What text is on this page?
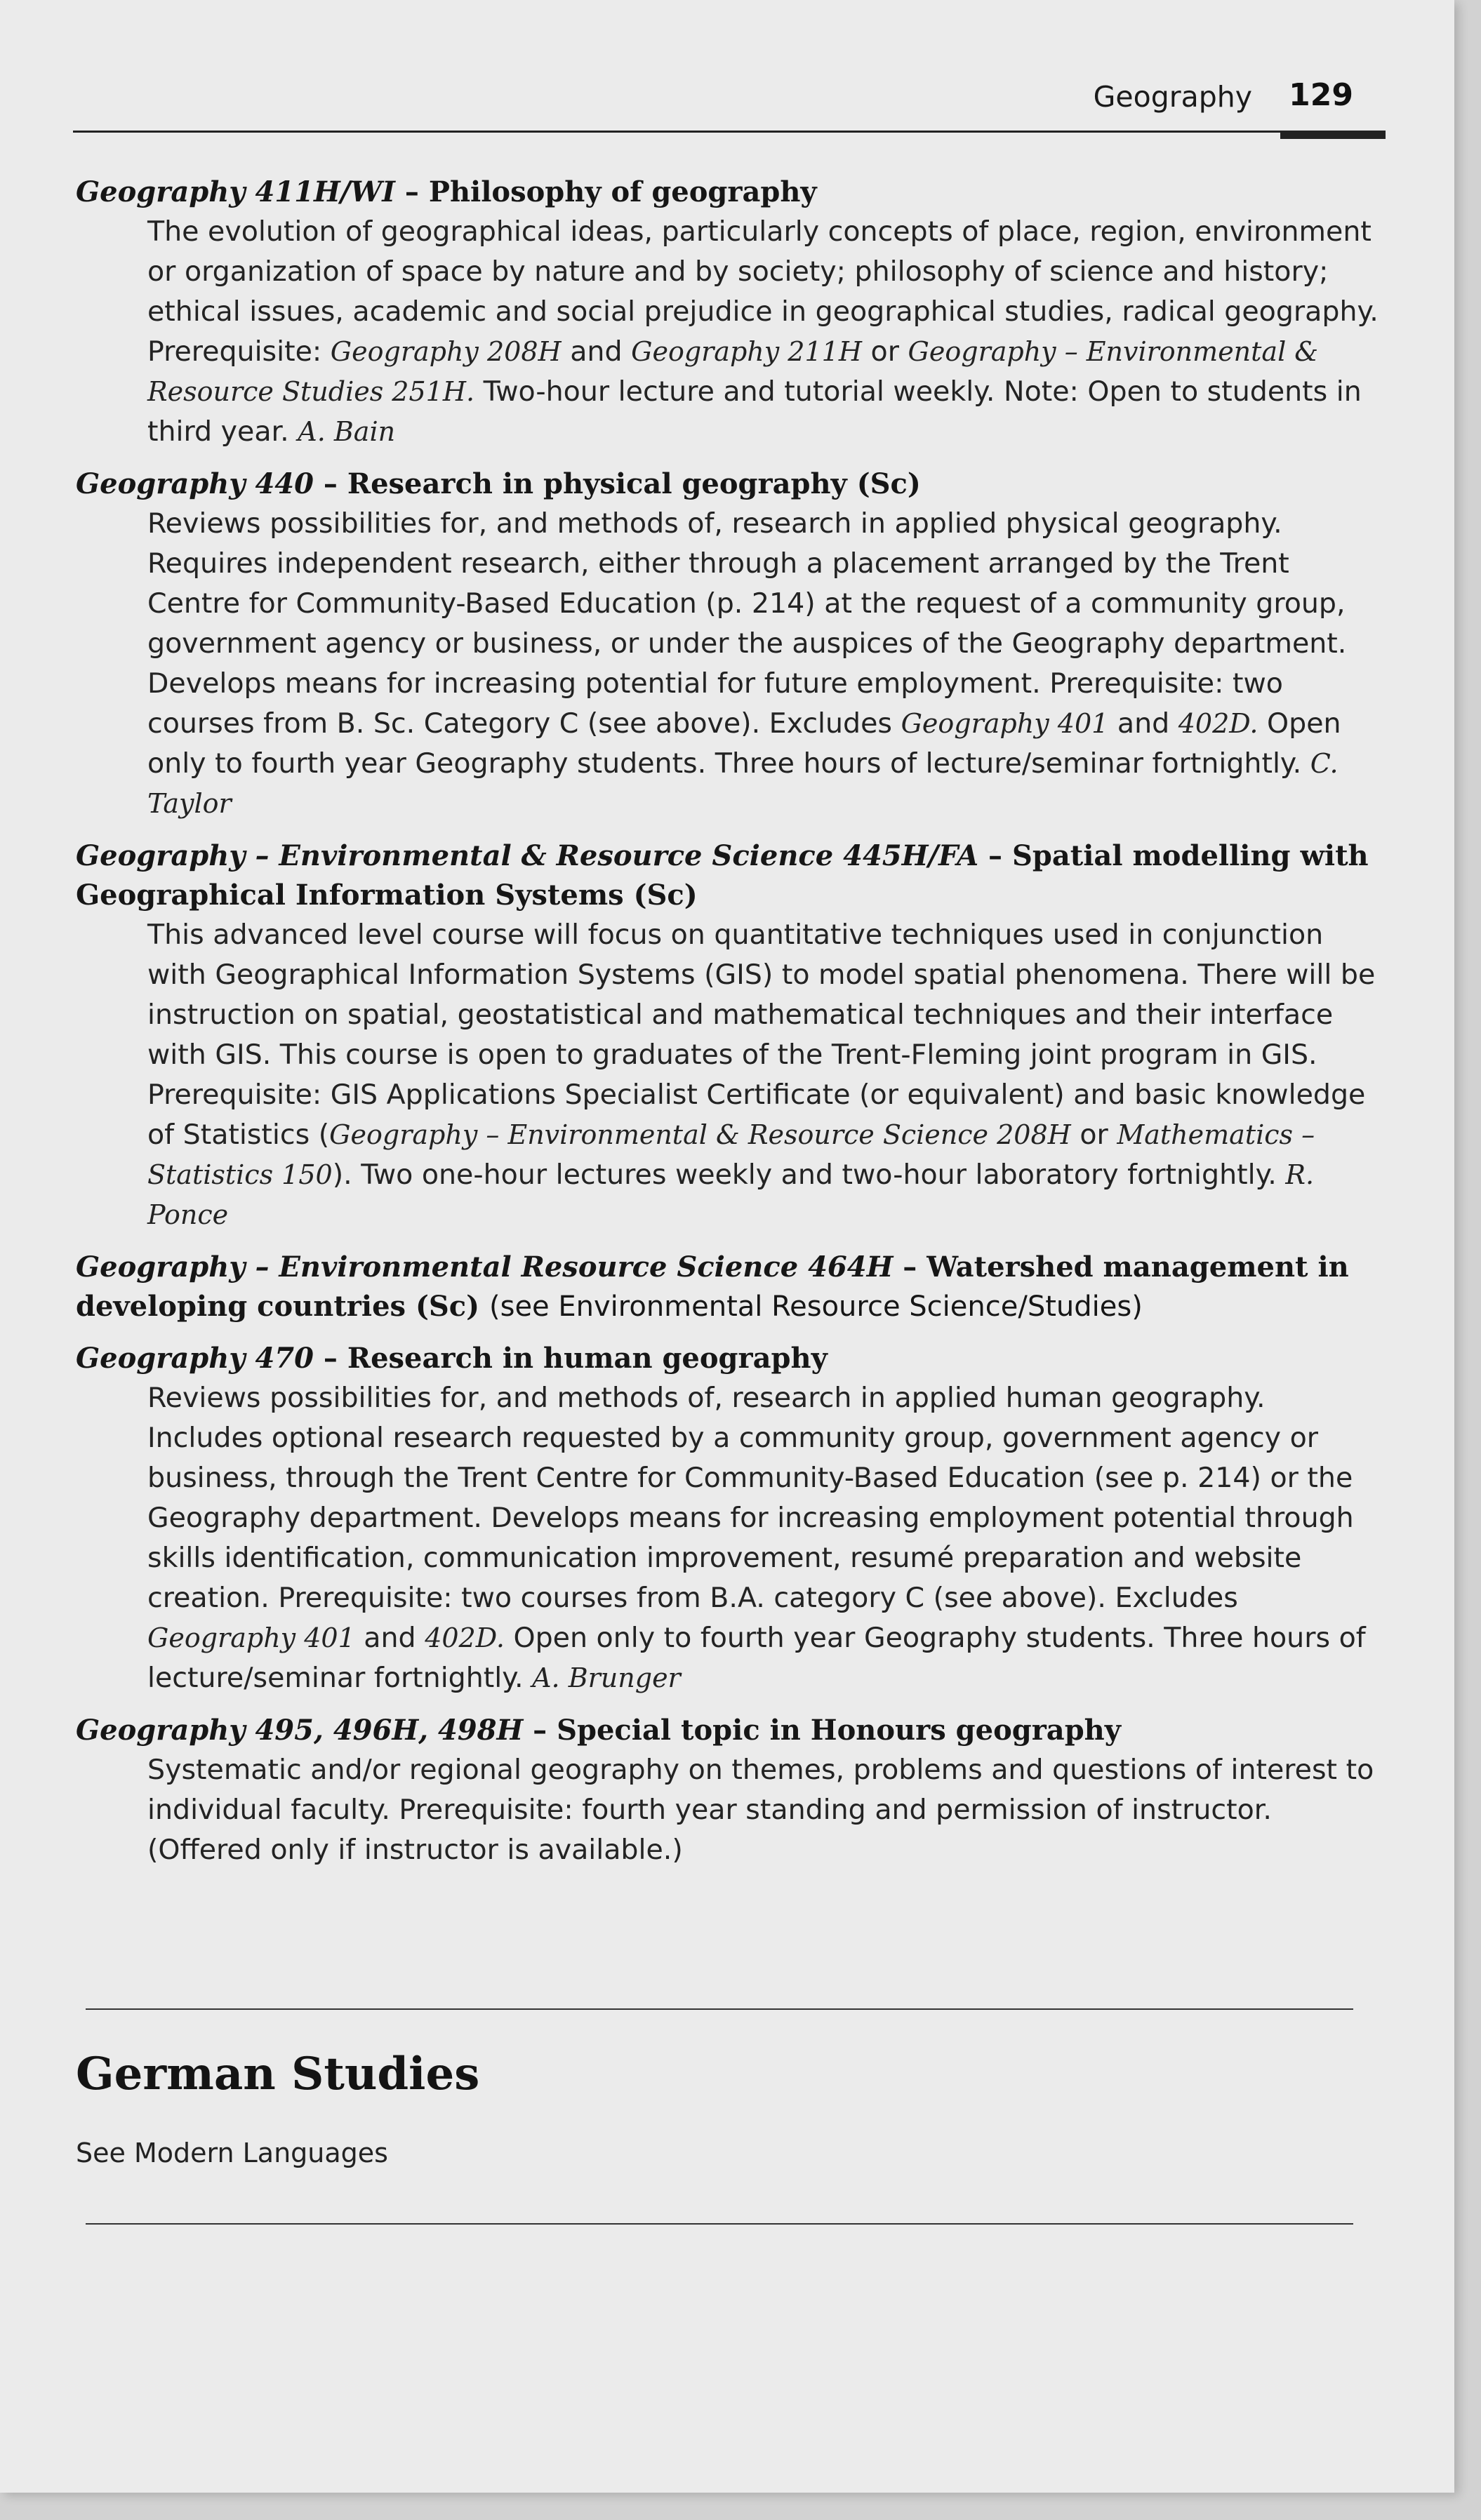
Geography 129
Geography 411H/WI – Philosophy of geography
The evolution of geographical ideas, particularly concepts of place, region, environment or organization of space by nature and by society; philosophy of science and history; ethical issues, academic and social prejudice in geographical studies, radical geography. Prerequisite: Geography 208H and Geography 211H or Geography – Environmental & Resource Studies 251H. Two-hour lecture and tutorial weekly. Note: Open to students in third year. A. Bain
Geography 440 – Research in physical geography (Sc)
Reviews possibilities for, and methods of, research in applied physical geography. Requires independent research, either through a placement arranged by the Trent Centre for Community-Based Education (p. 214) at the request of a community group, government agency or business, or under the auspices of the Geography department. Develops means for increasing potential for future employment. Prerequisite: two courses from B. Sc. Category C (see above). Excludes Geography 401 and 402D. Open only to fourth year Geography students. Three hours of lecture/seminar fortnightly. C. Taylor
Geography – Environmental & Resource Science 445H/FA – Spatial modelling with Geographical Information Systems (Sc)
This advanced level course will focus on quantitative techniques used in conjunction with Geographical Information Systems (GIS) to model spatial phenomena. There will be instruction on spatial, geostatistical and mathematical techniques and their interface with GIS. This course is open to graduates of the Trent-Fleming joint program in GIS. Prerequisite: GIS Applications Specialist Certificate (or equivalent) and basic knowledge of Statistics (Geography – Environmental & Resource Science 208H or Mathematics – Statistics 150). Two one-hour lectures weekly and two-hour laboratory fortnightly. R. Ponce
Geography – Environmental Resource Science 464H – Watershed management in developing countries (Sc) (see Environmental Resource Science/Studies)
Geography 470 – Research in human geography
Reviews possibilities for, and methods of, research in applied human geography. Includes optional research requested by a community group, government agency or business, through the Trent Centre for Community-Based Education (see p. 214) or the Geography department. Develops means for increasing employment potential through skills identification, communication improvement, resumé preparation and website creation. Prerequisite: two courses from B.A. category C (see above). Excludes Geography 401 and 402D. Open only to fourth year Geography students. Three hours of lecture/seminar fortnightly. A. Brunger
Geography 495, 496H, 498H – Special topic in Honours geography
Systematic and/or regional geography on themes, problems and questions of interest to individual faculty. Prerequisite: fourth year standing and permission of instructor. (Offered only if instructor is available.)
German Studies
See Modern Languages
